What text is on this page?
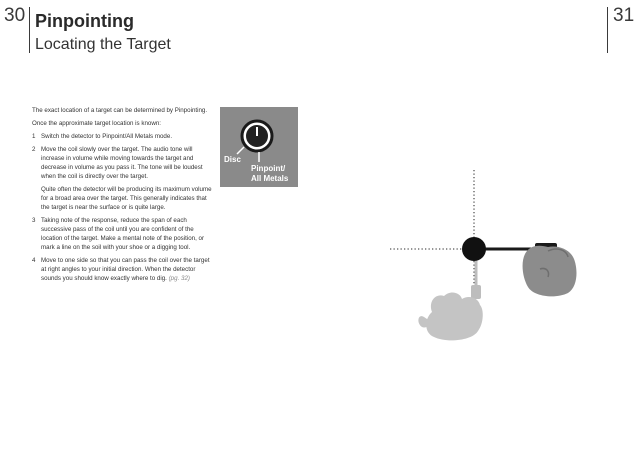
30 Pinpointing
Locating the Target
31

The exact location of a target can be determined by Pinpointing.

Once the approximate target location is known:

1 Switch the detector to Pinpoint/All Metals mode.
2 Move the coil slowly over the target. The audio tone will increase in volume while moving towards the target and decrease in volume as you pass it. The tone will be loudest when the coil is directly over the target.
Quite often the detector will be producing its maximum volume for a broad area over the target. This generally indicates that the target is near the surface or is quite large.
3 Taking note of the response, reduce the span of each successive pass of the coil until you are confident of the location of the target. Make a mental note of the position, or mark a line on the soil with your shoe or a digging tool.
4 Move to one side so that you can pass the coil over the target at right angles to your initial direction. When the detector sounds you should know exactly where to dig. (pg. 32)
Disc
Pinpoint/
All Metals
